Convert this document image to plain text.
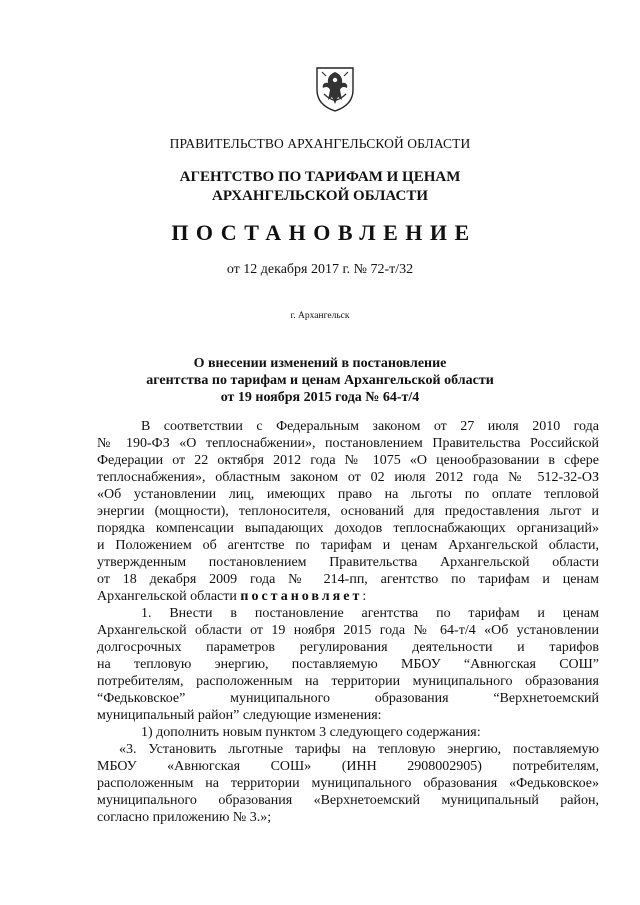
ПРАВИТЕЛЬСТВО АРХАНГЕЛЬСКОЙ ОБЛАСТИ
АГЕНТСТВО ПО ТАРИФАМ И ЦЕНАМ
АРХАНГЕЛЬСКОЙ ОБЛАСТИ
ПОСТАНОВЛЕНИЕ
от 12 декабря 2017 г. № 72-т/32
г. Архангельск
О внесении изменений в постановление
агентства по тарифам и ценам Архангельской области
от 19 ноября 2015 года № 64-т/4

В соответствии с Федеральным законом от 27 июля 2010 года

№ 190-ФЗ «О теплоснабжении», постановлением Правительства Российской

Федерации от 22 октября 2012 года № 1075 «О ценообразовании в сфере

теплоснабжения», областным законом от 02 июля 2012 года № 512-32-ОЗ

«Об установлении лиц, имеющих право на льготы по оплате тепловой

энергии (мощности), теплоносителя, оснований для предоставления льгот и

порядка компенсации выпадающих доходов теплоснабжающих организаций»

и Положением об агентстве по тарифам и ценам Архангельской области,

утвержденным постановлением Правительства Архангельской области

от 18 декабря 2009 года № 214-пп, агентство по тарифам и ценам

Архангельской области постановляет:

1. Внести в постановление агентства по тарифам и ценам

Архангельской области от 19 ноября 2015 года № 64-т/4 «Об установлении

долгосрочных параметров регулирования деятельности и тарифов

на тепловую энергию, поставляемую МБОУ “Авнюгская СОШ”

потребителям, расположенным на территории муниципального образования

“Федьковское” муниципального образования “Верхнетоемский

муниципальный район” следующие изменения:

1) дополнить новым пунктом 3 следующего содержания:

«3. Установить льготные тарифы на тепловую энергию, поставляемую

МБОУ «Авнюгская СОШ» (ИНН 2908002905) потребителям,

расположенным на территории муниципального образования «Федьковское»

муниципального образования «Верхнетоемский муниципальный район,

согласно приложению № 3.»;
